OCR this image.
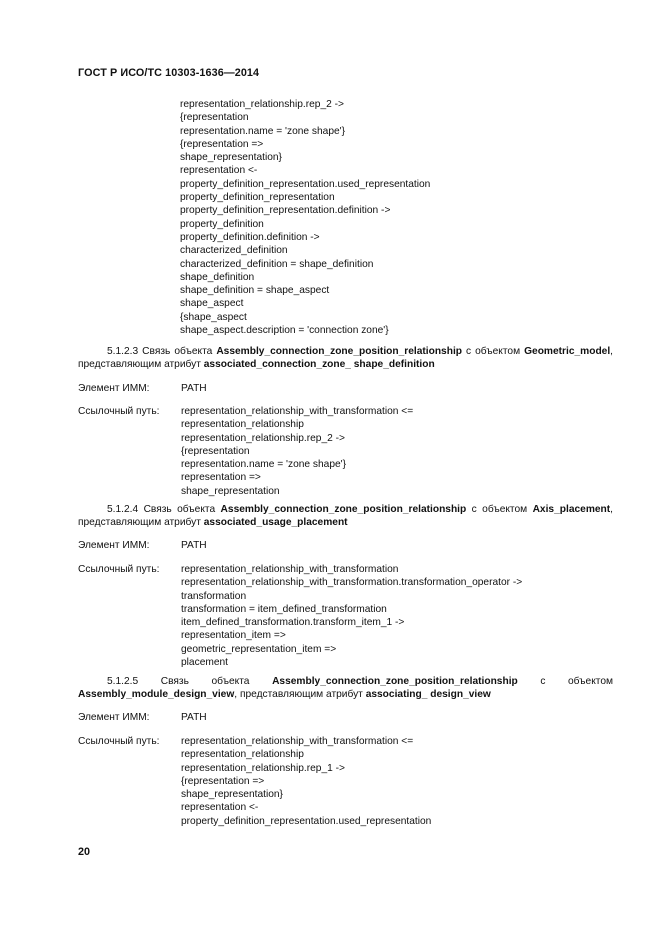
ГОСТ Р ИСО/ТС 10303-1636—2014
representation_relationship.rep_2 ->
{representation
representation.name = 'zone shape'}
{representation =>
shape_representation}
representation <-
property_definition_representation.used_representation
property_definition_representation
property_definition_representation.definition ->
property_definition
property_definition.definition ->
characterized_definition
characterized_definition = shape_definition
shape_definition
shape_definition = shape_aspect
shape_aspect
{shape_aspect
shape_aspect.description = 'connection zone'}
5.1.2.3 Связь объекта Assembly_connection_zone_position_relationship с объектом Geometric_model, представляющим атрибут associated_connection_zone_ shape_definition
Элемент ИММ:	PATH
Ссылочный путь: representation_relationship_with_transformation <=
representation_relationship
representation_relationship.rep_2 ->
{representation
representation.name = 'zone shape'}
representation =>
shape_representation
5.1.2.4 Связь объекта Assembly_connection_zone_position_relationship с объектом Axis_placement, представляющим атрибут associated_usage_placement
Элемент ИММ:	PATH
Ссылочный путь: representation_relationship_with_transformation
representation_relationship_with_transformation.transformation_operator ->
transformation
transformation = item_defined_transformation
item_defined_transformation.transform_item_1 ->
representation_item =>
geometric_representation_item =>
placement
5.1.2.5 Связь объекта Assembly_connection_zone_position_relationship с объектом Assembly_module_design_view, представляющим атрибут associating_ design_view
Элемент ИММ:	PATH
Ссылочный путь: representation_relationship_with_transformation <=
representation_relationship
representation_relationship.rep_1 ->
{representation =>
shape_representation}
representation <-
property_definition_representation.used_representation
20
